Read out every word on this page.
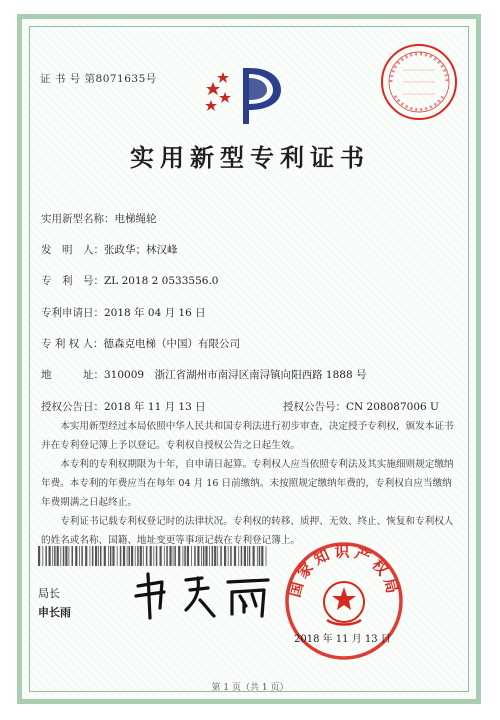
证 书 号 第8071635号
实用新型专利证书
实用新型名称：电梯绳轮
发　明　人：张政华；林汉峰
专　利　号：ZL 2018 2 0533556.0
专利申请日：2018 年 04 月 16 日
专 利 权 人：德森克电梯（中国）有限公司
地　　　址：310009　浙江省湖州市南浔区南浔镇向阳西路 1888 号
授权公告日：2018 年 11 月 13 日	授权公告号：CN 208087006 U

本实用新型经过本局依照中华人民共和国专利法进行初步审查，决定授予专利权，颁发本证书并在专利登记簿上予以登记。专利权自授权公告之日起生效。

本专利的专利权期限为十年，自申请日起算。专利权人应当依照专利法及其实施细则规定缴纳年费。本专利的年费应当在每年 04 月 16 日前缴纳。未按照规定缴纳年费的，专利权自应当缴纳年费期满之日起终止。

专利证书记载专利权登记时的法律状况。专利权的转移、质押、无效、终止、恢复和专利权人的姓名或名称、国籍、地址变更等事项记载在专利登记簿上。

局长
申长雨
国家知识产权局
2018 年 11 月 13 日
第 1 页（共 1 页）
